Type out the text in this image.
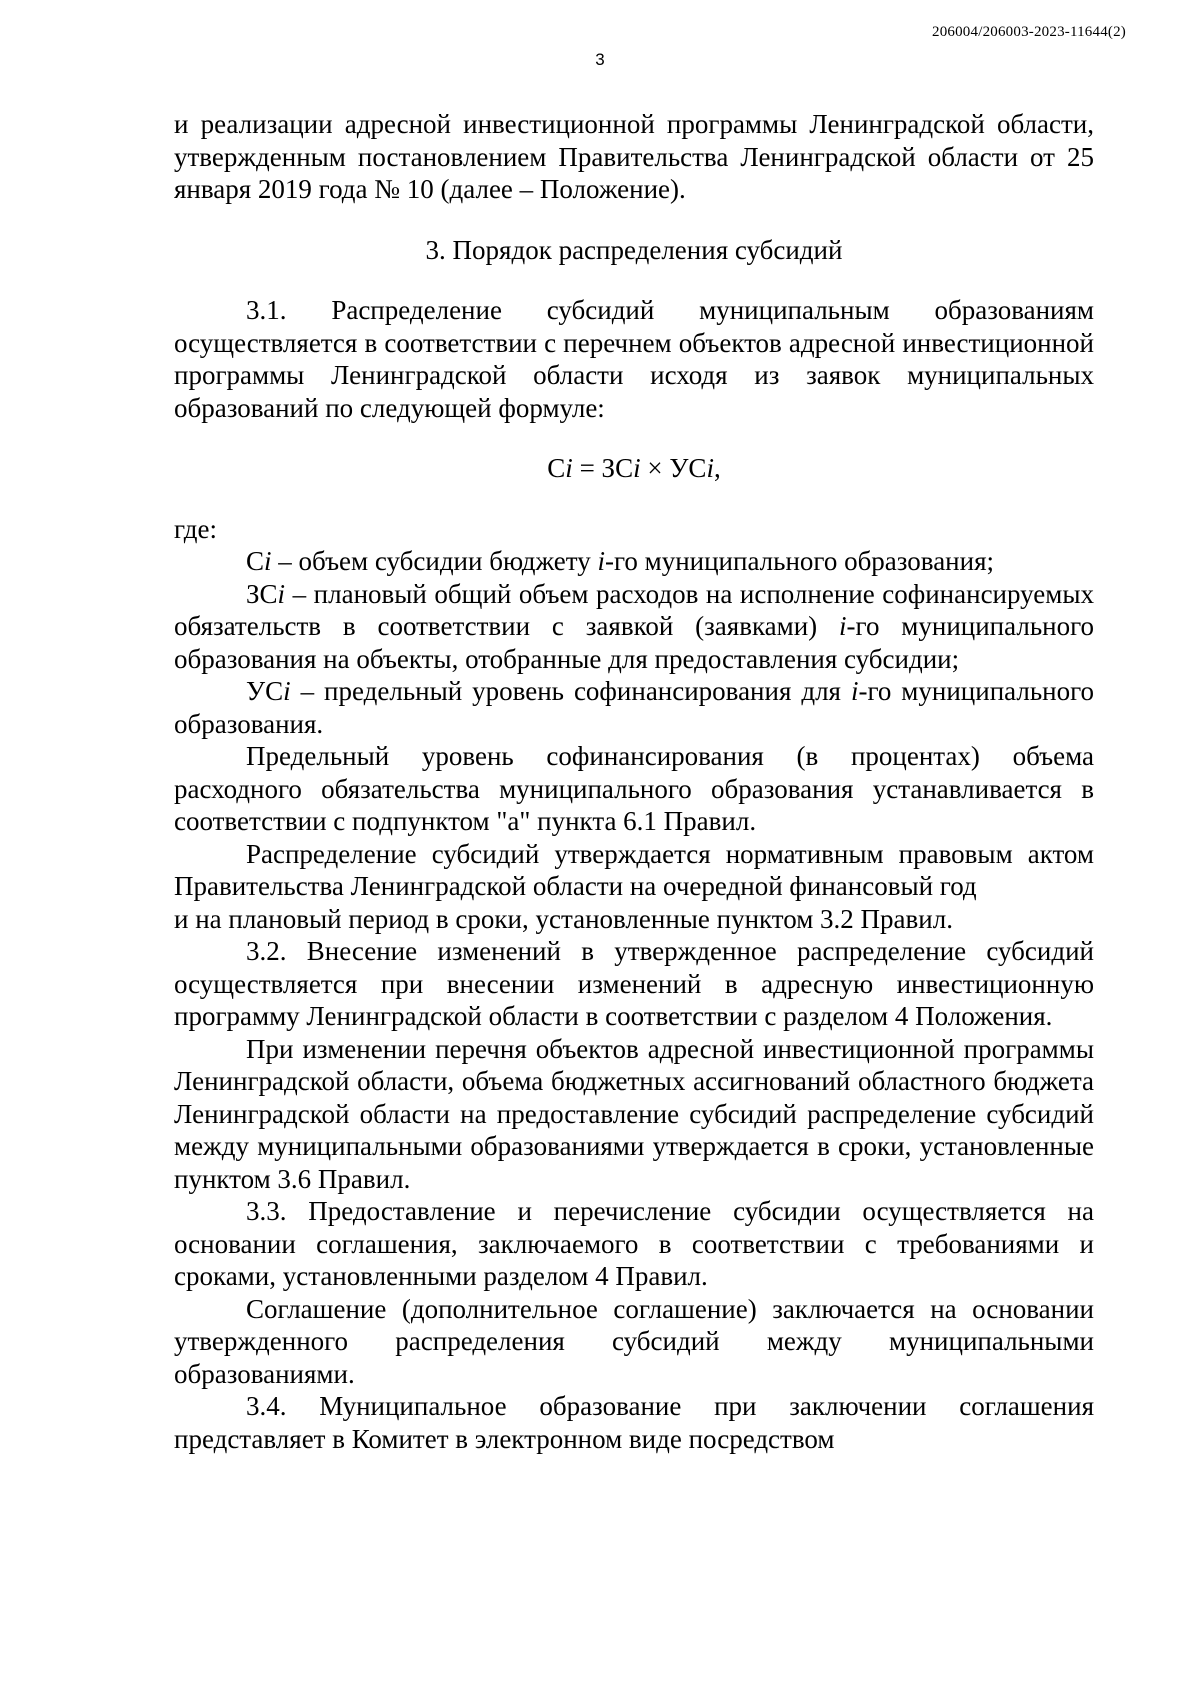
206004/206003-2023-11644(2)
3

и реализации адресной инвестиционной программы Ленинградской области, утвержденным постановлением Правительства Ленинградской области от 25 января 2019 года № 10 (далее – Положение).

3. Порядок распределения субсидий

3.1. Распределение субсидий муниципальным образованиям осуществляется в соответствии с перечнем объектов адресной инвестиционной программы Ленинградской области исходя из заявок муниципальных образований по следующей формуле:

Сi = ЗСi × УСi,

где:

Сi – объем субсидии бюджету i-го муниципального образования;

ЗСi – плановый общий объем расходов на исполнение софинансируемых обязательств в соответствии с заявкой (заявками) i-го муниципального образования на объекты, отобранные для предоставления субсидии;

УСi – предельный уровень софинансирования для i-го муниципального образования.

Предельный уровень софинансирования (в процентах) объема расходного обязательства муниципального образования устанавливается в соответствии с подпунктом "а" пункта 6.1 Правил.

Распределение субсидий утверждается нормативным правовым актом Правительства Ленинградской области на очередной финансовый год

и на плановый период в сроки, установленные пунктом 3.2 Правил.

3.2. Внесение изменений в утвержденное распределение субсидий осуществляется при внесении изменений в адресную инвестиционную программу Ленинградской области в соответствии с разделом 4 Положения.

При изменении перечня объектов адресной инвестиционной программы Ленинградской области, объема бюджетных ассигнований областного бюджета Ленинградской области на предоставление субсидий распределение субсидий между муниципальными образованиями утверждается в сроки, установленные пунктом 3.6 Правил.

3.3. Предоставление и перечисление субсидии осуществляется на основании соглашения, заключаемого в соответствии с требованиями и сроками, установленными разделом 4 Правил.

Соглашение (дополнительное соглашение) заключается на основании утвержденного распределения субсидий между муниципальными образованиями.

3.4. Муниципальное образование при заключении соглашения представляет в Комитет в электронном виде посредством
